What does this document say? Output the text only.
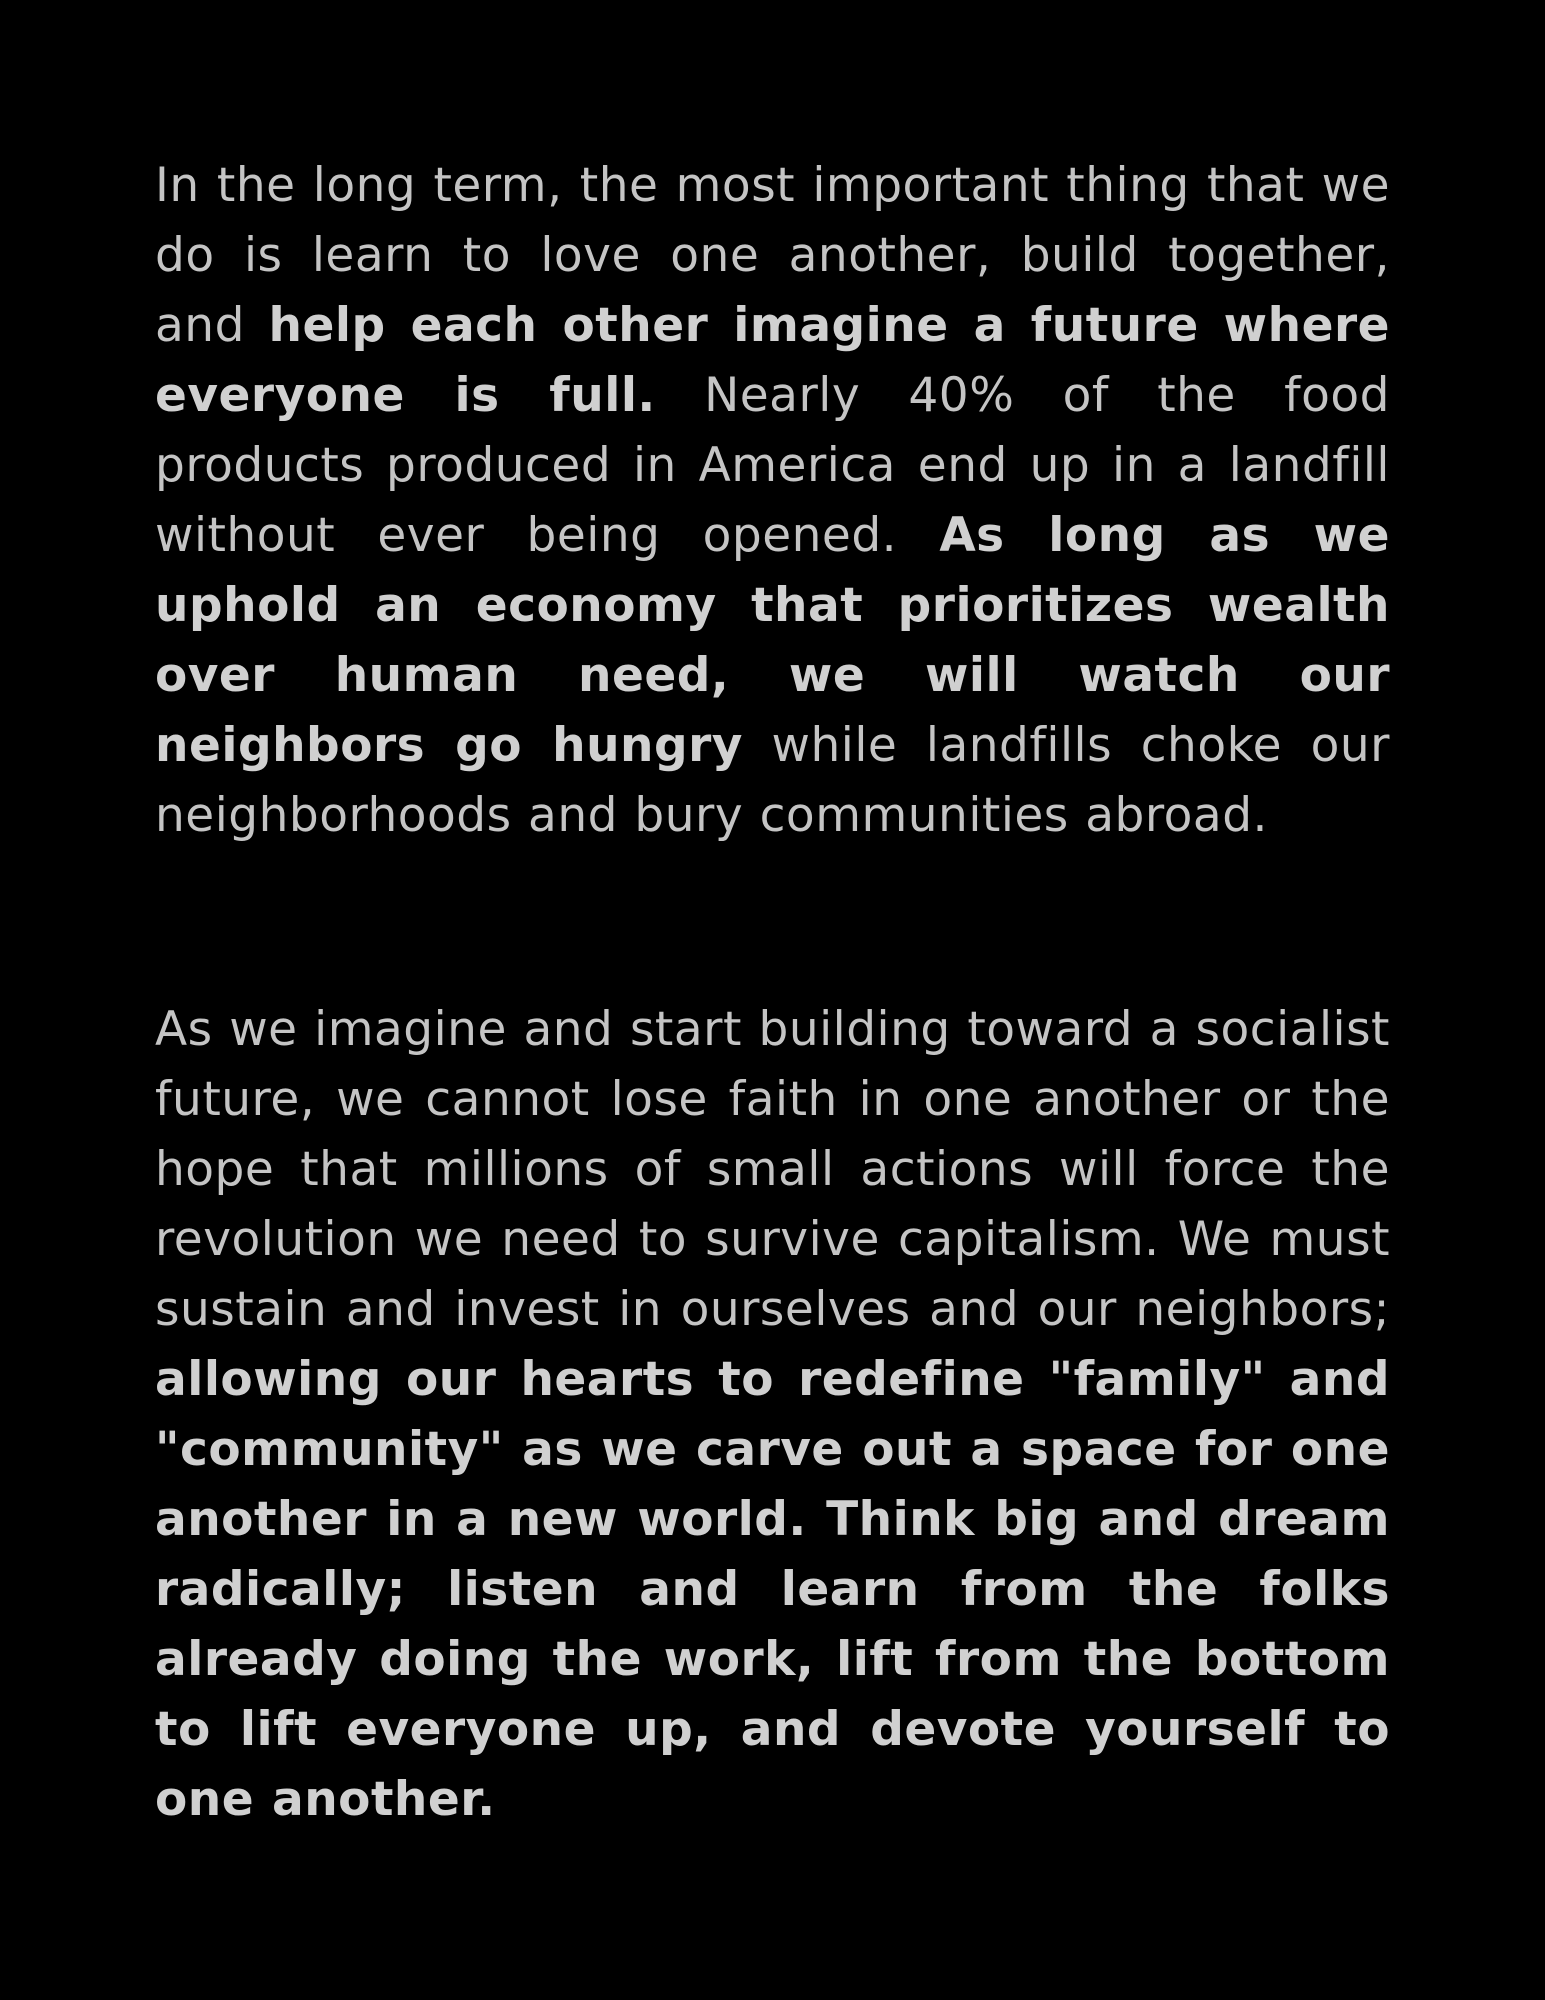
In the long term, the most important thing that we do is learn to love one another, build together, and help each other imagine a future where everyone is full. Nearly 40% of the food products produced in America end up in a landfill without ever being opened. As long as we uphold an economy that prioritizes wealth over human need, we will watch our neighbors go hungry while landfills choke our neighborhoods and bury communities abroad.

As we imagine and start building toward a socialist future, we cannot lose faith in one another or the hope that millions of small actions will force the revolution we need to survive capitalism. We must sustain and invest in ourselves and our neighbors; allowing our hearts to redefine "family" and "community" as we carve out a space for one another in a new world. Think big and dream radically; listen and learn from the folks already doing the work, lift from the bottom to lift everyone up, and devote yourself to one another.
